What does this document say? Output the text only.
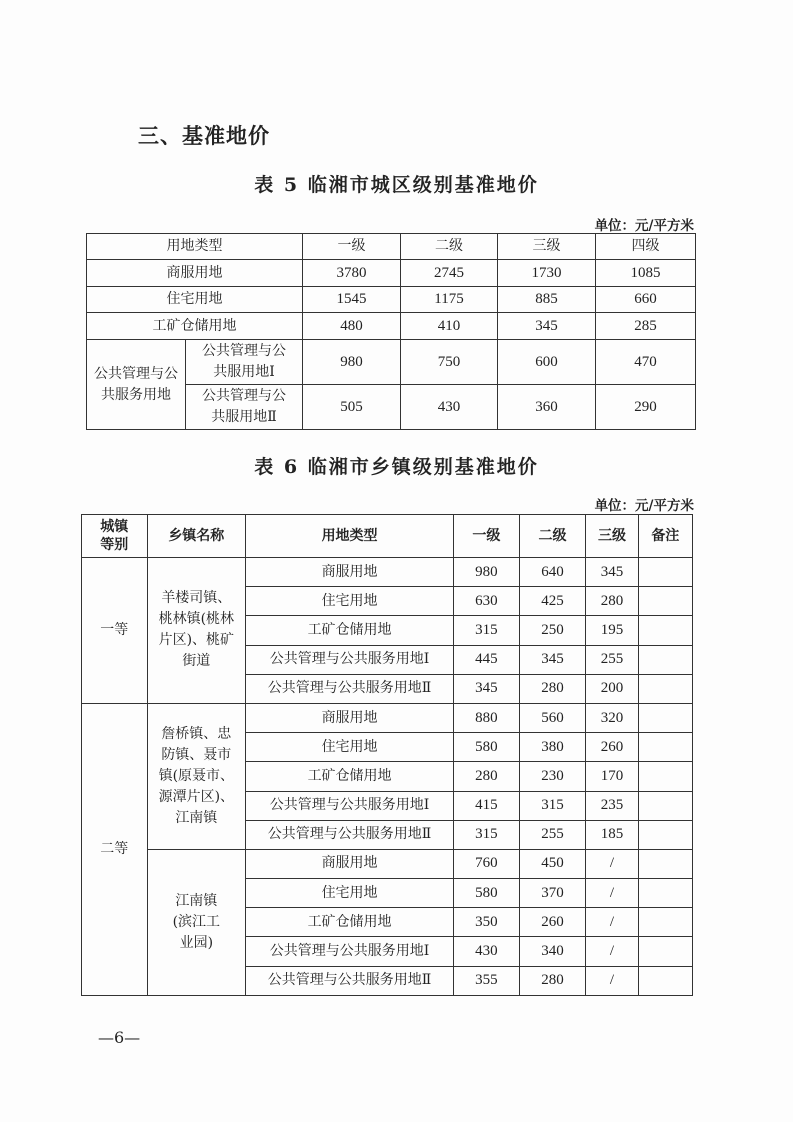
三、基准地价
表 5 临湘市城区级别基准地价
单位：元/平方米
用地类型		一级	二级	三级	四级
商服用地		3780	2745	1730	1085
住宅用地		1545	1175	885	660
工矿仓储用地		480	410	345	285
公共管理与公共服务用地	公共管理与公共服用地Ⅰ	980	750	600	470
	公共管理与公共服用地Ⅱ	505	430	360	290
表 6 临湘市乡镇级别基准地价
单位：元/平方米
城镇等别	乡镇名称	用地类型	一级	二级	三级	备注
一等	羊楼司镇、桃林镇(桃林片区)、桃矿街道	商服用地	980	640	345	
		住宅用地	630	425	280	
		工矿仓储用地	315	250	195	
		公共管理与公共服务用地Ⅰ	445	345	255	
		公共管理与公共服务用地Ⅱ	345	280	200	
二等	詹桥镇、忠防镇、聂市镇(原聂市、源潭片区)、江南镇	商服用地	880	560	320	
		住宅用地	580	380	260	
		工矿仓储用地	280	230	170	
		公共管理与公共服务用地Ⅰ	415	315	235	
		公共管理与公共服务用地Ⅱ	315	255	185	
	江南镇(滨江工业园)	商服用地	760	450	/	
		住宅用地	580	370	/	
		工矿仓储用地	350	260	/	
		公共管理与公共服务用地Ⅰ	430	340	/	
		公共管理与公共服务用地Ⅱ	355	280	/	
—6—
